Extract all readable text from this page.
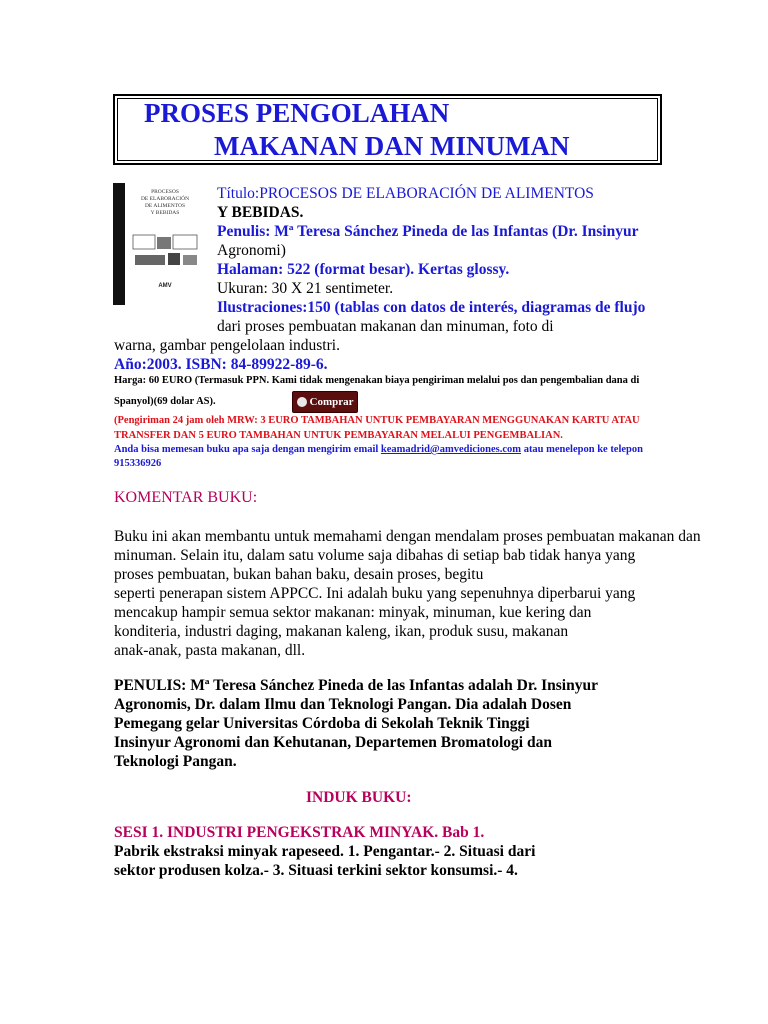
PROSES PENGOLAHAN
MAKANAN DAN MINUMAN
PROCESOS
DE ELABORACIÓN
DE ALIMENTOS
Y BEBIDAS
AMV
Título:PROCESOS DE ELABORACIÓN DE ALIMENTOS
Y BEBIDAS.
Penulis: Mª Teresa Sánchez Pineda de las Infantas (Dr. Insinyur
Agronomi)
Halaman: 522 (format besar). Kertas glossy.
Ukuran: 30 X 21 sentimeter.
Ilustraciones:150 (tablas con datos de interés, diagramas de flujo
dari proses pembuatan makanan dan minuman, foto di
warna, gambar pengelolaan industri.
Año:2003. ISBN: 84-89922-89-6.
Harga: 60 EURO (Termasuk PPN. Kami tidak mengenakan biaya pengiriman melalui pos dan pengembalian dana di
Spanyol)(69 dolar AS).	Comprar
(Pengiriman 24 jam oleh MRW: 3 EURO TAMBAHAN UNTUK PEMBAYARAN MENGGUNAKAN KARTU ATAU
TRANSFER DAN 5 EURO TAMBAHAN UNTUK PEMBAYARAN MELALUI PENGEMBALIAN.
Anda bisa memesan buku apa saja dengan mengirim email keamadrid@amvediciones.com atau menelepon ke telepon
915336926
KOMENTAR BUKU:
Buku ini akan membantu untuk memahami dengan mendalam proses pembuatan makanan dan
minuman. Selain itu, dalam satu volume saja dibahas di setiap bab tidak hanya yang
proses pembuatan, bukan bahan baku, desain proses, begitu
seperti penerapan sistem APPCC. Ini adalah buku yang sepenuhnya diperbarui yang
mencakup hampir semua sektor makanan: minyak, minuman, kue kering dan
konditeria, industri daging, makanan kaleng, ikan, produk susu, makanan
anak-anak, pasta makanan, dll.
PENULIS: Mª Teresa Sánchez Pineda de las Infantas adalah Dr. Insinyur
Agronomis, Dr. dalam Ilmu dan Teknologi Pangan. Dia adalah Dosen
Pemegang gelar Universitas Córdoba di Sekolah Teknik Tinggi
Insinyur Agronomi dan Kehutanan, Departemen Bromatologi dan
Teknologi Pangan.
INDUK BUKU:
SESI 1. INDUSTRI PENGEKSTRAK MINYAK. Bab 1.
Pabrik ekstraksi minyak rapeseed. 1. Pengantar.- 2. Situasi dari
sektor produsen kolza.- 3. Situasi terkini sektor konsumsi.- 4.
